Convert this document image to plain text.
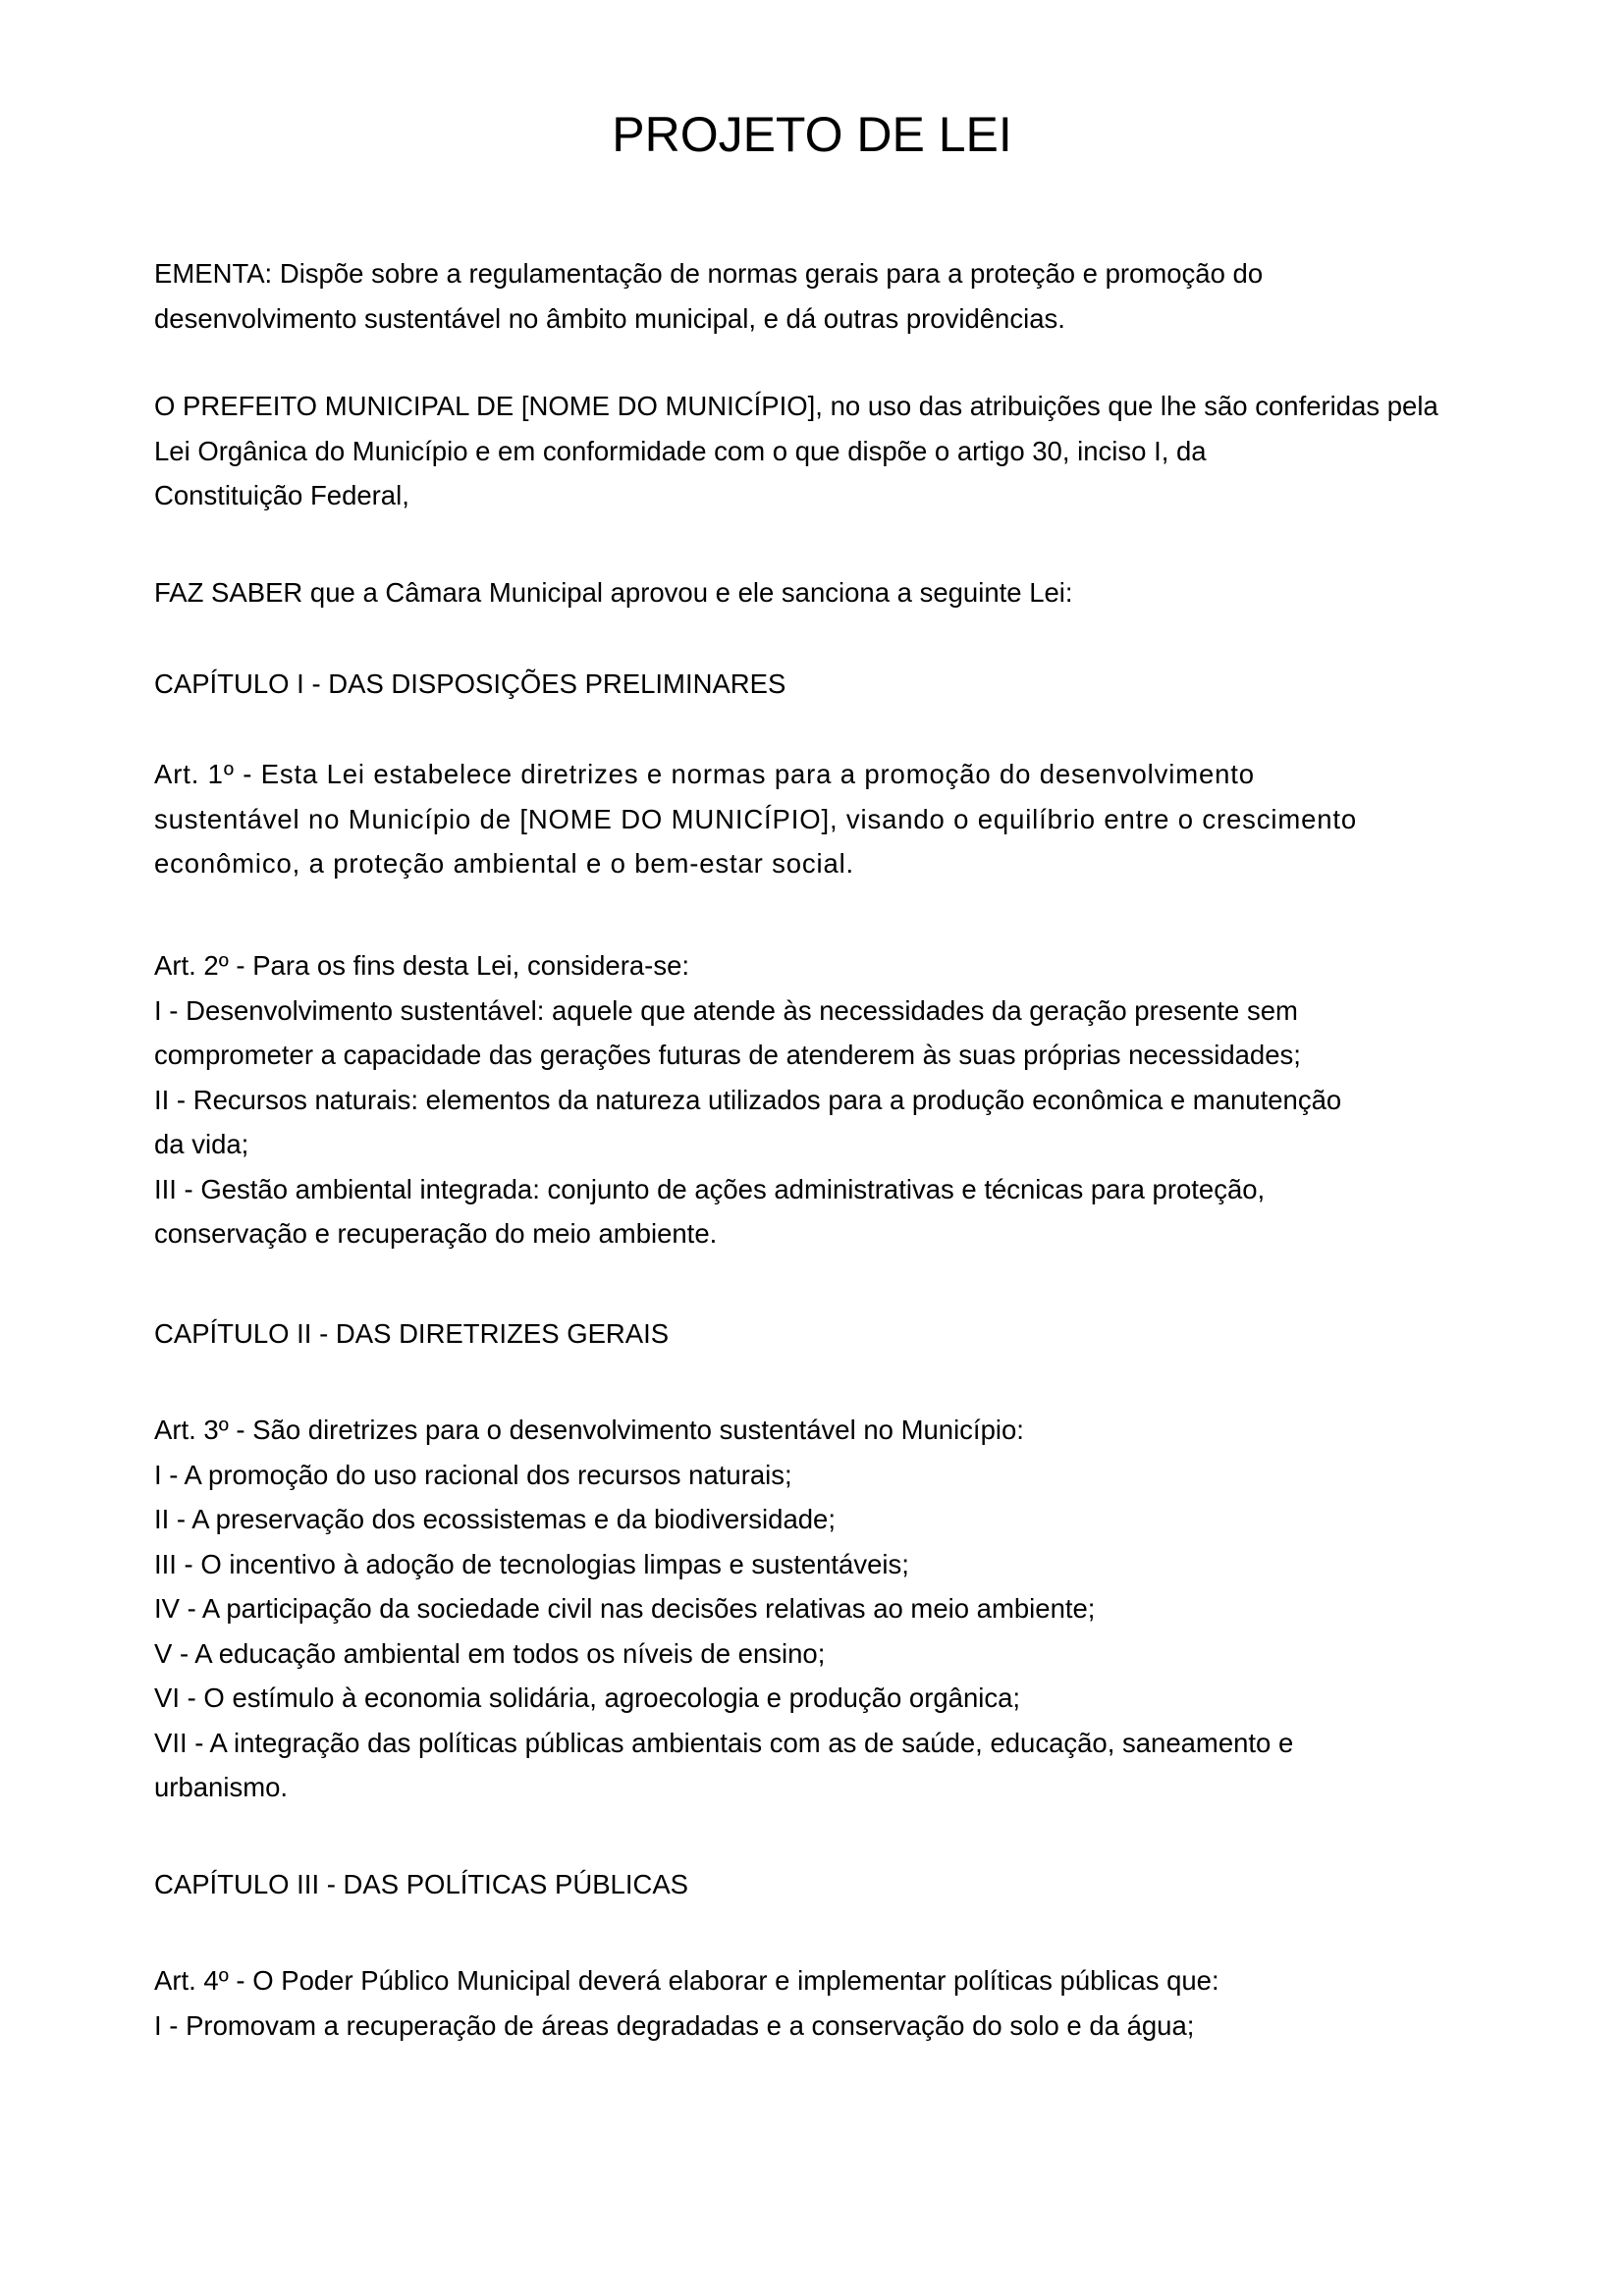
PROJETO DE LEI
EMENTA: Dispõe sobre a regulamentação de normas gerais para a proteção e promoção do
desenvolvimento sustentável no âmbito municipal, e dá outras providências.
O PREFEITO MUNICIPAL DE [NOME DO MUNICÍPIO], no uso das atribuições que lhe são conferidas pela
Lei Orgânica do Município e em conformidade com o que dispõe o artigo 30, inciso I, da
Constituição Federal,
FAZ SABER que a Câmara Municipal aprovou e ele sanciona a seguinte Lei:
CAPÍTULO I - DAS DISPOSIÇÕES PRELIMINARES
Art. 1º - Esta Lei estabelece diretrizes e normas para a promoção do desenvolvimento
sustentável no Município de [NOME DO MUNICÍPIO], visando o equilíbrio entre o crescimento
econômico, a proteção ambiental e o bem-estar social.
Art. 2º - Para os fins desta Lei, considera-se:
I - Desenvolvimento sustentável: aquele que atende às necessidades da geração presente sem
comprometer a capacidade das gerações futuras de atenderem às suas próprias necessidades;
II - Recursos naturais: elementos da natureza utilizados para a produção econômica e manutenção
da vida;
III - Gestão ambiental integrada: conjunto de ações administrativas e técnicas para proteção,
conservação e recuperação do meio ambiente.
CAPÍTULO II - DAS DIRETRIZES GERAIS
Art. 3º - São diretrizes para o desenvolvimento sustentável no Município:
I - A promoção do uso racional dos recursos naturais;
II - A preservação dos ecossistemas e da biodiversidade;
III - O incentivo à adoção de tecnologias limpas e sustentáveis;
IV - A participação da sociedade civil nas decisões relativas ao meio ambiente;
V - A educação ambiental em todos os níveis de ensino;
VI - O estímulo à economia solidária, agroecologia e produção orgânica;
VII - A integração das políticas públicas ambientais com as de saúde, educação, saneamento e
urbanismo.
CAPÍTULO III - DAS POLÍTICAS PÚBLICAS
Art. 4º - O Poder Público Municipal deverá elaborar e implementar políticas públicas que:
I - Promovam a recuperação de áreas degradadas e a conservação do solo e da água;
